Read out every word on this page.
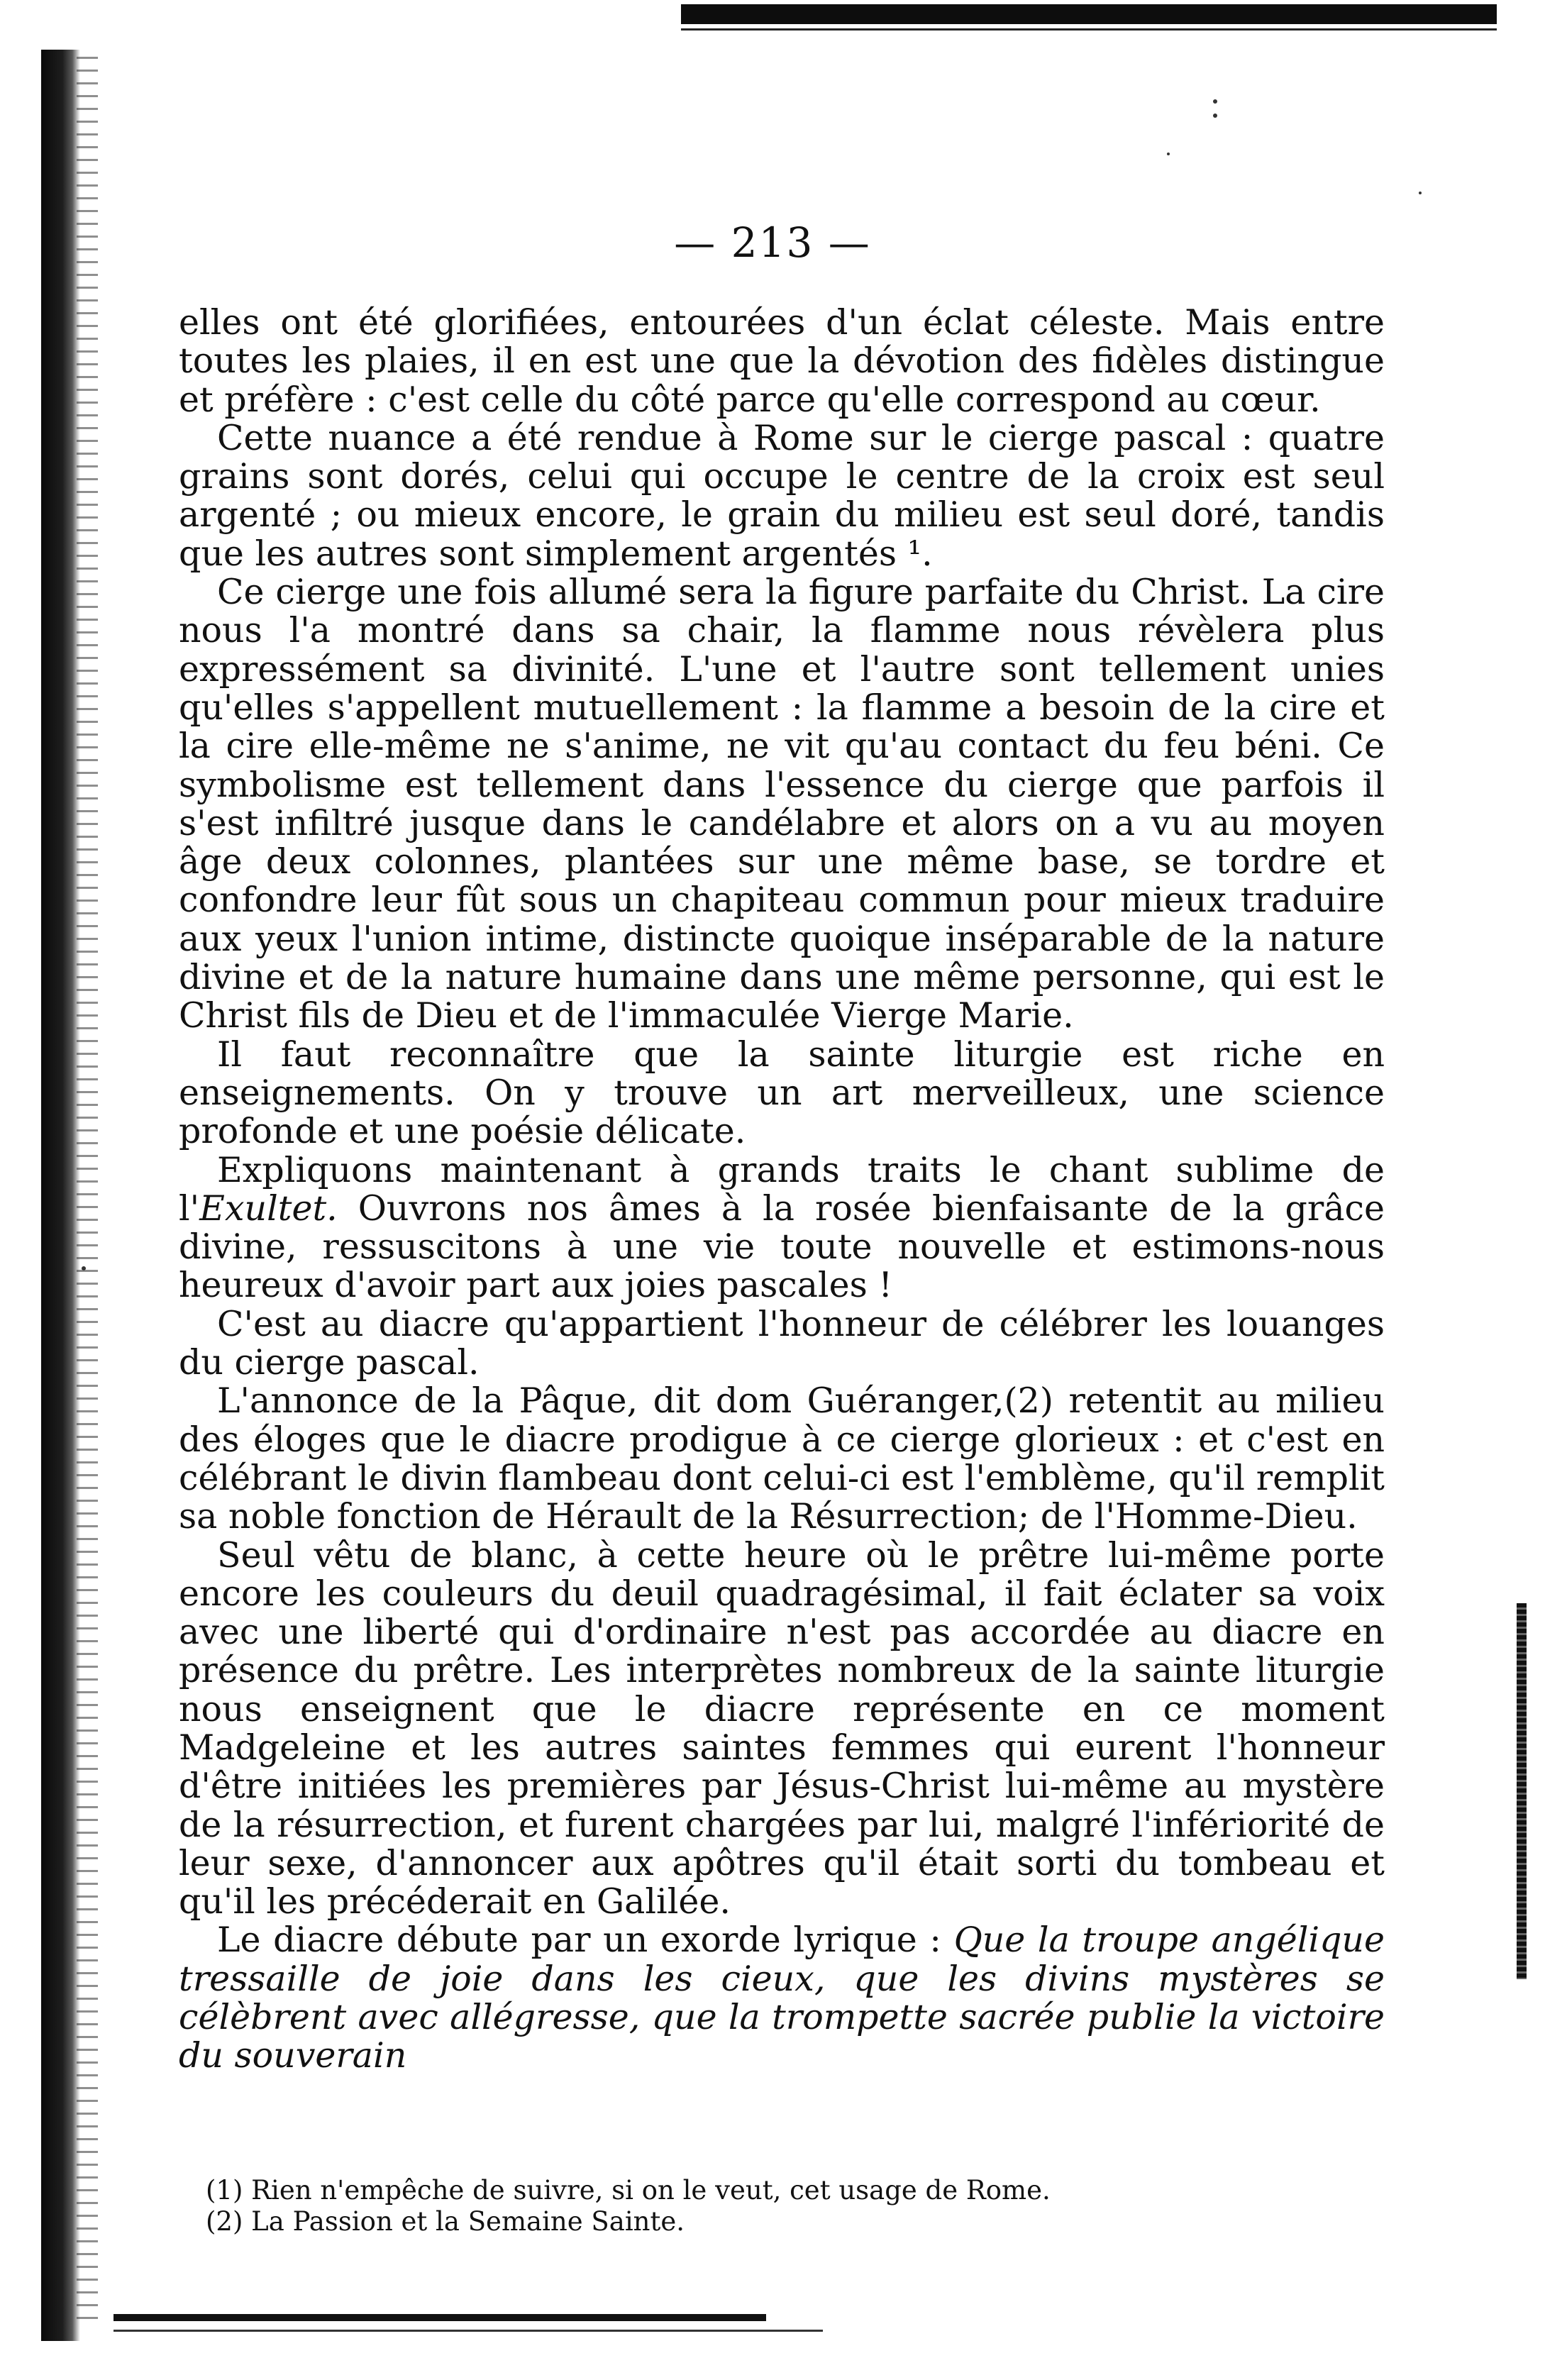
— 213 —

elles ont été glorifiées, entourées d'un éclat céleste. Mais entre toutes les plaies, il en est une que la dévotion des fidèles distingue et préfère : c'est celle du côté parce qu'elle correspond au cœur.

Cette nuance a été rendue à Rome sur le cierge pascal : quatre grains sont dorés, celui qui occupe le centre de la croix est seul argenté ; ou mieux encore, le grain du milieu est seul doré, tandis que les autres sont simplement argentés ¹.

Ce cierge une fois allumé sera la figure parfaite du Christ. La cire nous l'a montré dans sa chair, la flamme nous révèlera plus expressément sa divinité. L'une et l'autre sont tellement unies qu'elles s'appellent mutuellement : la flamme a besoin de la cire et la cire elle-même ne s'anime, ne vit qu'au contact du feu béni. Ce symbolisme est tellement dans l'essence du cierge que parfois il s'est infiltré jusque dans le candélabre et alors on a vu au moyen âge deux colonnes, plantées sur une même base, se tordre et confondre leur fût sous un chapiteau commun pour mieux traduire aux yeux l'union intime, distincte quoique inséparable de la nature divine et de la nature humaine dans une même personne, qui est le Christ fils de Dieu et de l'immaculée Vierge Marie.

Il faut reconnaître que la sainte liturgie est riche en enseignements. On y trouve un art merveilleux, une science profonde et une poésie délicate.

Expliquons maintenant à grands traits le chant sublime de l'Exultet. Ouvrons nos âmes à la rosée bienfaisante de la grâce divine, ressuscitons à une vie toute nouvelle et estimons-nous heureux d'avoir part aux joies pascales !

C'est au diacre qu'appartient l'honneur de célébrer les louanges du cierge pascal.

L'annonce de la Pâque, dit dom Guéranger,(2) retentit au milieu des éloges que le diacre prodigue à ce cierge glorieux : et c'est en célébrant le divin flambeau dont celui-ci est l'emblème, qu'il remplit sa noble fonction de Hérault de la Résurrection; de l'Homme-Dieu.

Seul vêtu de blanc, à cette heure où le prêtre lui-même porte encore les couleurs du deuil quadragésimal, il fait éclater sa voix avec une liberté qui d'ordinaire n'est pas accordée au diacre en présence du prêtre. Les interprètes nombreux de la sainte liturgie nous enseignent que le diacre représente en ce moment Madgeleine et les autres saintes femmes qui eurent l'honneur d'être initiées les premières par Jésus-Christ lui-même au mystère de la résurrection, et furent chargées par lui, malgré l'infériorité de leur sexe, d'annoncer aux apôtres qu'il était sorti du tombeau et qu'il les précéderait en Galilée.

Le diacre débute par un exorde lyrique : Que la troupe angélique tressaille de joie dans les cieux, que les divins mystères se célèbrent avec allégresse, que la trompette sacrée publie la victoire du souverain

(1) Rien n'empêche de suivre, si on le veut, cet usage de Rome.

(2) La Passion et la Semaine Sainte.
